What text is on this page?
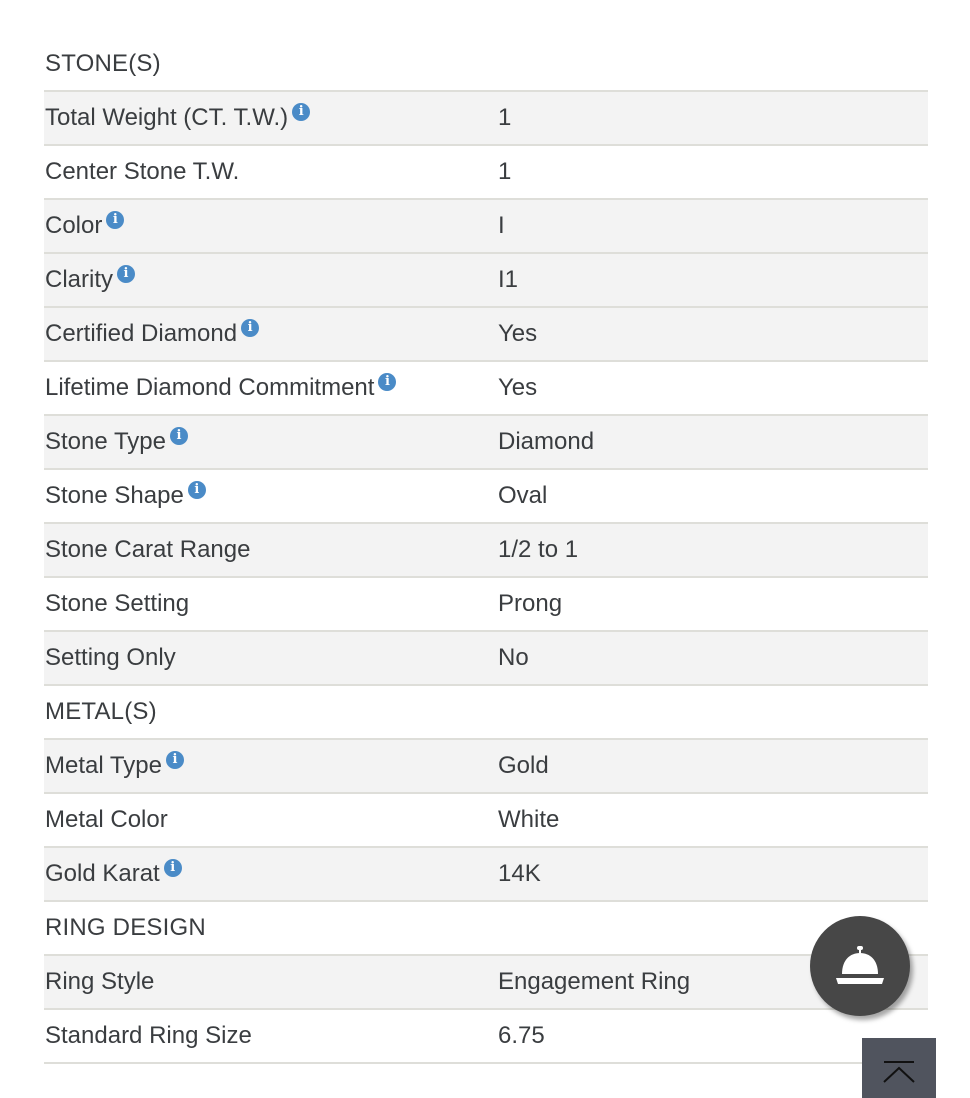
STONE(S)
Total Weight (CT. T.W.) i	1
Center Stone T.W.	1
Color i	I
Clarity i	I1
Certified Diamond i	Yes
Lifetime Diamond Commitment i	Yes
Stone Type i	Diamond
Stone Shape i	Oval
Stone Carat Range	1/2 to 1
Stone Setting	Prong
Setting Only	No
METAL(S)
Metal Type i	Gold
Metal Color	White
Gold Karat i	14K
RING DESIGN
Ring Style	Engagement Ring
Standard Ring Size	6.75
